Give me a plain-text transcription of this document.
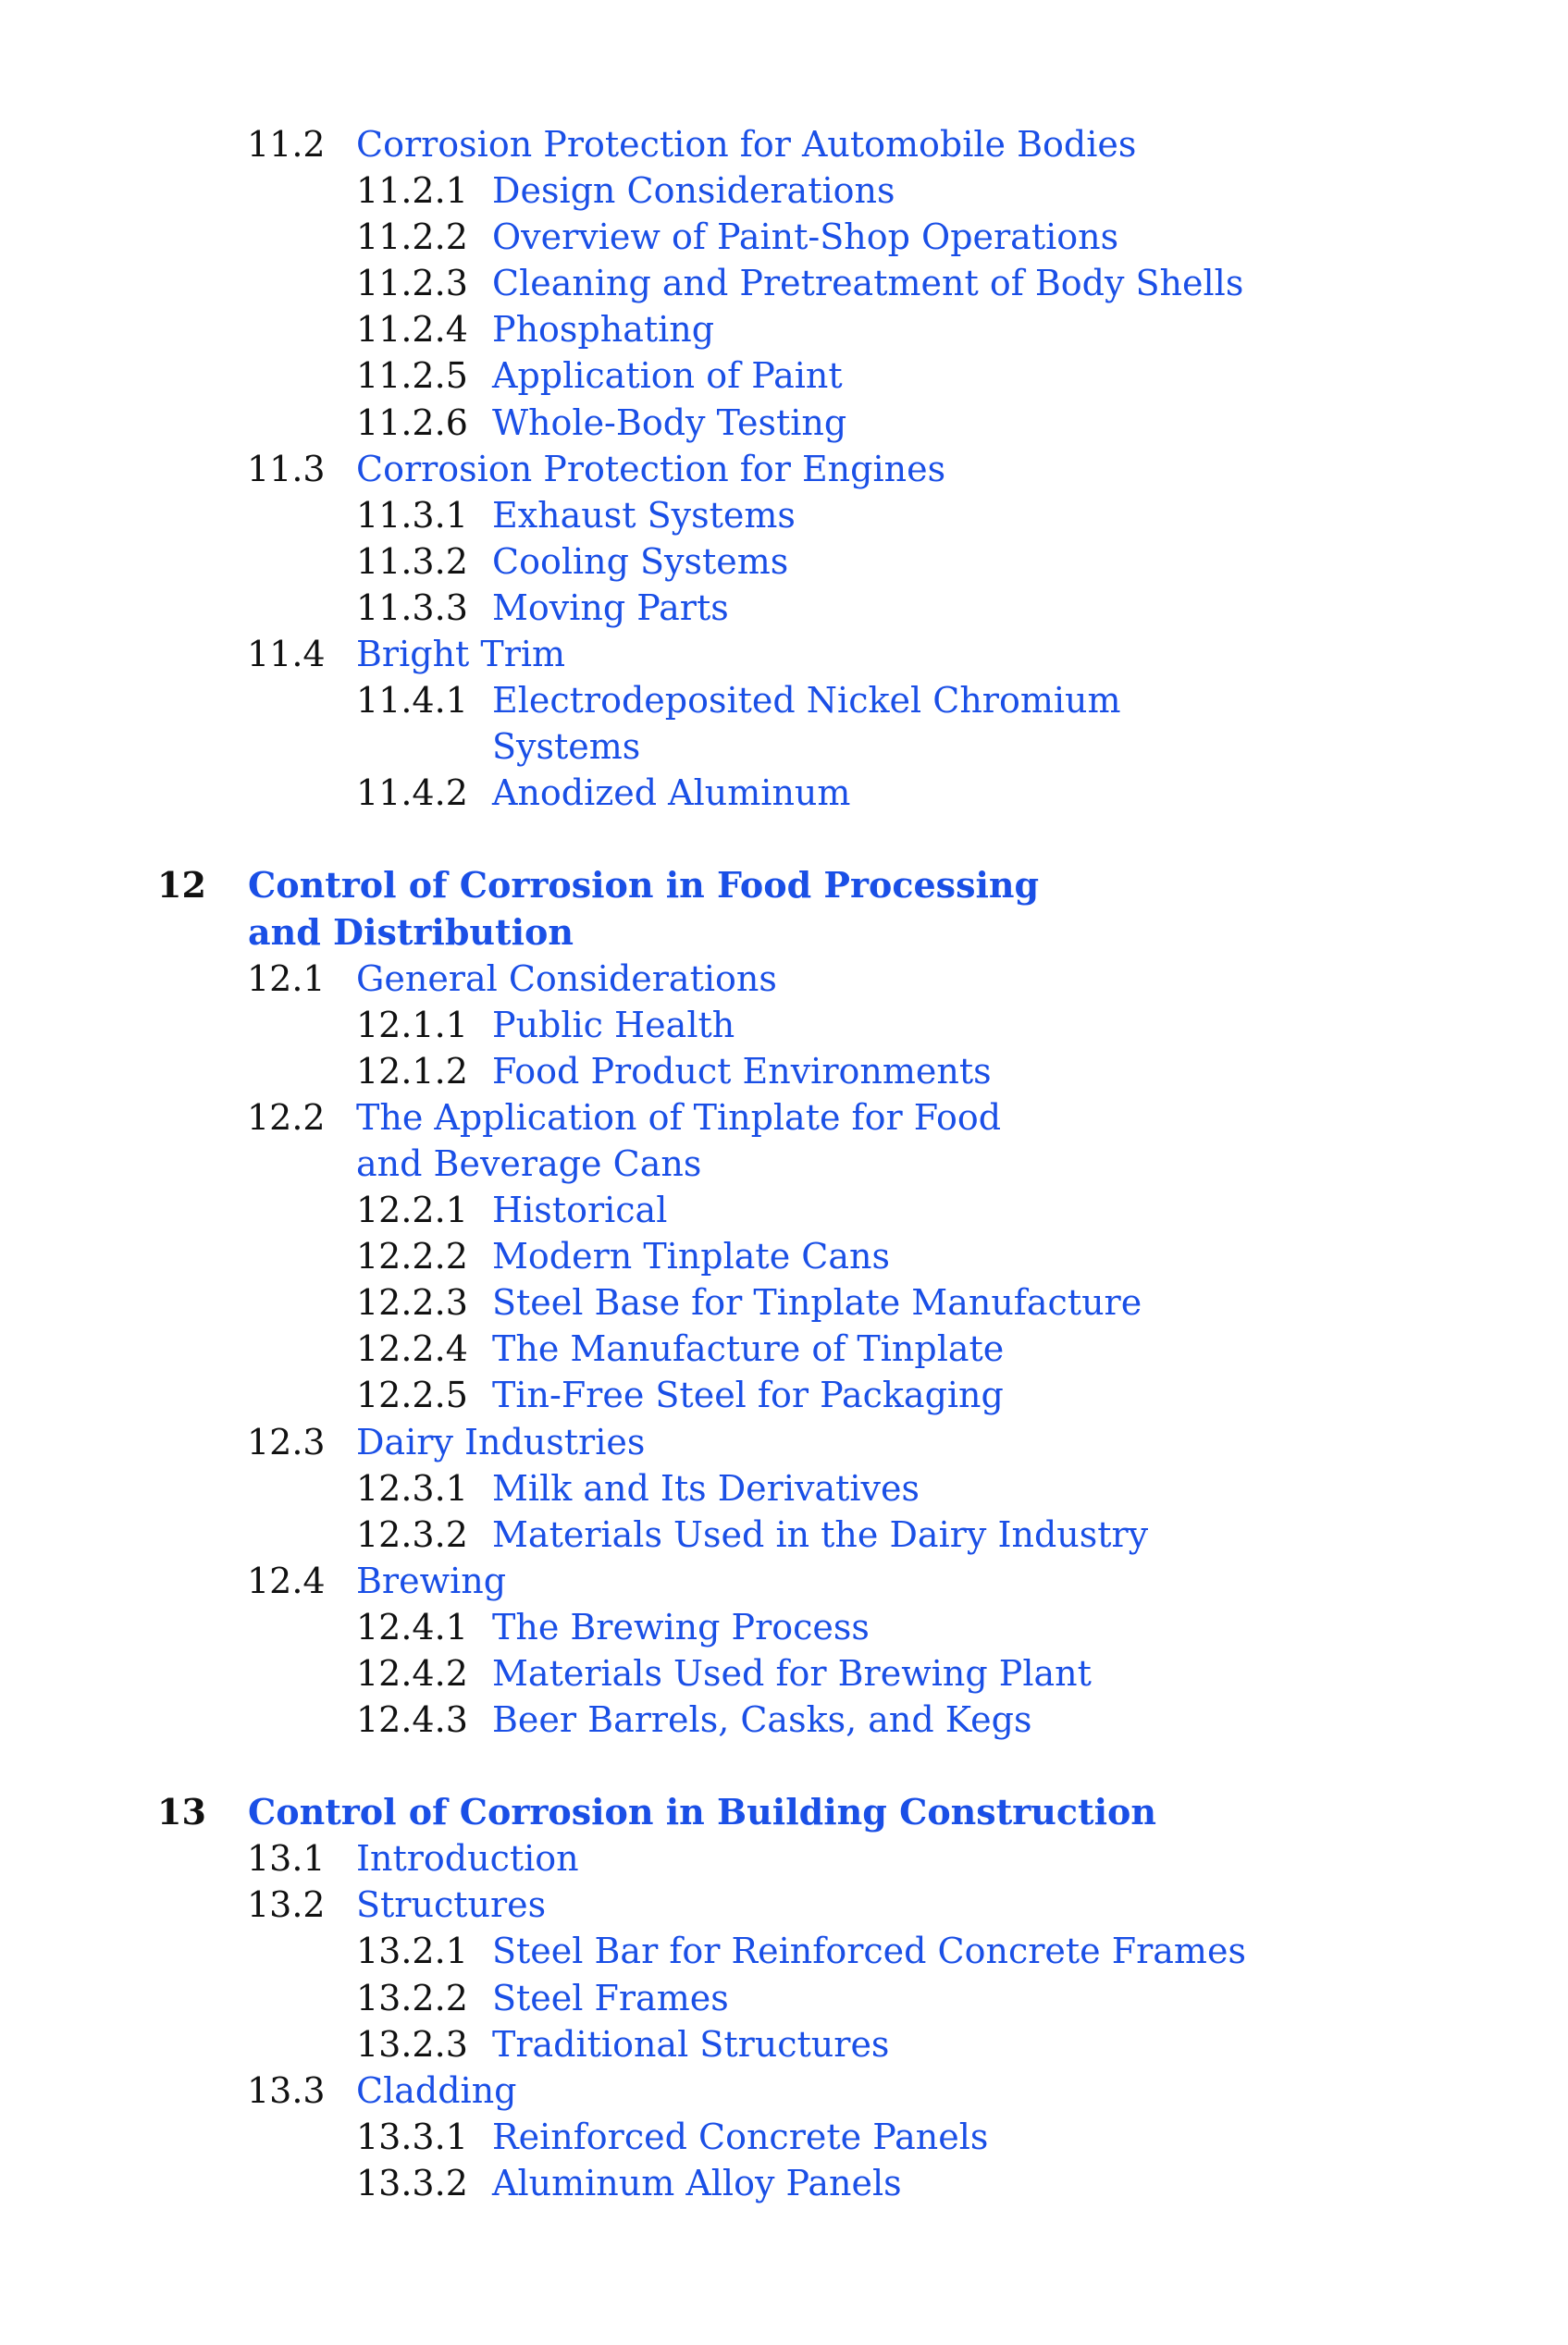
11.2 Corrosion Protection for Automobile Bodies
11.2.1 Design Considerations
11.2.2 Overview of Paint-Shop Operations
11.2.3 Cleaning and Pretreatment of Body Shells
11.2.4 Phosphating
11.2.5 Application of Paint
11.2.6 Whole-Body Testing
11.3 Corrosion Protection for Engines
11.3.1 Exhaust Systems
11.3.2 Cooling Systems
11.3.3 Moving Parts
11.4 Bright Trim
11.4.1 Electrodeposited Nickel Chromium
Systems
11.4.2 Anodized Aluminum
12 Control of Corrosion in Food Processing
and Distribution
12.1 General Considerations
12.1.1 Public Health
12.1.2 Food Product Environments
12.2 The Application of Tinplate for Food
and Beverage Cans
12.2.1 Historical
12.2.2 Modern Tinplate Cans
12.2.3 Steel Base for Tinplate Manufacture
12.2.4 The Manufacture of Tinplate
12.2.5 Tin-Free Steel for Packaging
12.3 Dairy Industries
12.3.1 Milk and Its Derivatives
12.3.2 Materials Used in the Dairy Industry
12.4 Brewing
12.4.1 The Brewing Process
12.4.2 Materials Used for Brewing Plant
12.4.3 Beer Barrels, Casks, and Kegs
13 Control of Corrosion in Building Construction
13.1 Introduction
13.2 Structures
13.2.1 Steel Bar for Reinforced Concrete Frames
13.2.2 Steel Frames
13.2.3 Traditional Structures
13.3 Cladding
13.3.1 Reinforced Concrete Panels
13.3.2 Aluminum Alloy Panels
